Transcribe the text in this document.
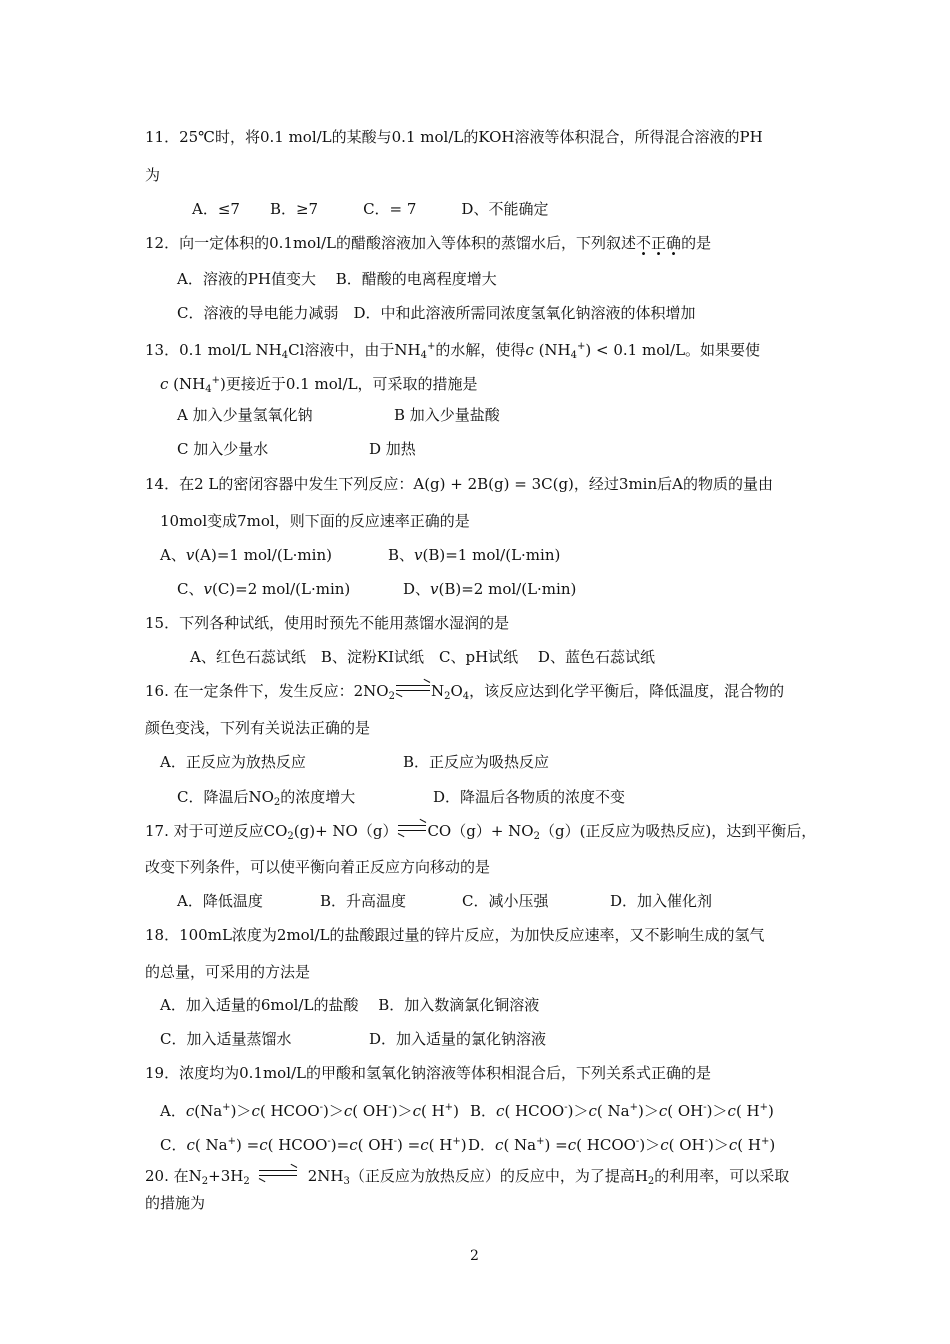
11．25℃时，将0.1 mol/L的某酸与0.1 mol/L的KOH溶液等体积混合，所得混合溶液的PH
为
A．≤7　　B．≥7　　　C．= 7　　　D、不能确定
12．向一定体积的0.1mol/L的醋酸溶液加入等体积的蒸馏水后，下列叙述不正确的是
A．溶液的PH值变大　 B．醋酸的电离程度增大
C．溶液的导电能力减弱　D．中和此溶液所需同浓度氢氧化钠溶液的体积增加
13．0.1 mol/L $NH_4Cl$溶液中，由于$NH_4^+$的水解，使得c $(NH_4^+) < 0.1$ mol/L。如果要使
c $(NH_4^+)$更接近于0.1 mol/L，可采取的措施是
A 加入少量氢氧化钠	B 加入少量盐酸
C 加入少量水	D 加热
14．在2 L的密闭容器中发生下列反应：A(g) + 2B(g) = 3C(g)，经过3min后A的物质的量由
10mol变成7mol，则下面的反应速率正确的是
A、v(A)=1 mol/(L·min)	B、v(B)=1 mol/(L·min)
C、v(C)=2 mol/(L·min)	D、v(B)=2 mol/(L·min)
15．下列各种试纸，使用时预先不能用蒸馏水湿润的是
A、红色石蕊试纸　B、淀粉KI试纸　C、pH试纸　 D、蓝色石蕊试纸
16. 在一定条件下，发生反应：$2NO_2$ $N_2O_4$，该反应达到化学平衡后，降低温度，混合物的
颜色变浅，下列有关说法正确的是
A．正反应为放热反应	B．正反应为吸热反应
C．降温后$NO_2$的浓度增大	D．降温后各物质的浓度不变
17. 对于可逆反应$CO_2(g)+ NO(g)$ $CO(g)+ NO_2(g)$(正反应为吸热反应)，达到平衡后，
改变下列条件，可以使平衡向着正反应方向移动的是
A．降低温度	B．升高温度	C．减小压强	D．加入催化剂
18．100mL浓度为2mol/L的盐酸跟过量的锌片反应，为加快反应速率，又不影响生成的氢气
的总量，可采用的方法是
A．加入适量的6mol/L的盐酸　 B．加入数滴氯化铜溶液
C．加入适量蒸馏水	D．加入适量的氯化钠溶液
19．浓度均为0.1mol/L的甲酸和氢氧化钠溶液等体积相混合后，下列关系式正确的是
A．c(Na+)＞c( HCOO-)＞c( OH-)＞c( H+) B．c( HCOO-)＞c( Na+)＞c( OH-)＞c( H+)
C．c( Na+) =c( HCOO-)=c( OH-) =c( H+) D．c( Na+) =c( HCOO-)＞c( OH-)＞c( H+)
20. 在$N_2+3H_2$	$2NH_3$（正反应为放热反应）的反应中，为了提高$H_2$的利用率，可以采取
的措施为
2
